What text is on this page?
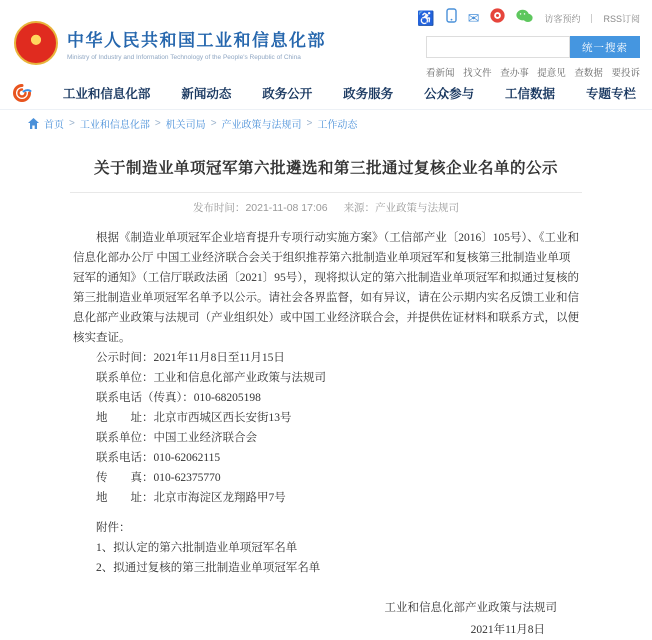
中华人民共和国工业和信息化部
Ministry of Industry and Information Technology of the People's Republic of China
♿ ✉	访客预约	RSS订阅
统一搜索
看新闻 找文件 查办事 提意见 查数据 要投诉
工业和信息化部 新闻动态 政务公开 政务服务 公众参与 工信数据 专题专栏
首页 > 工业和信息化部 > 机关司局 > 产业政策与法规司 > 工作动态
关于制造业单项冠军第六批遴选和第三批通过复核企业名单的公示
发布时间：2021-11-08 17:06 来源：产业政策与法规司

根据《制造业单项冠军企业培育提升专项行动实施方案》（工信部产业〔2016〕105号）、《工业和信息化部办公厅 中国工业经济联合会关于组织推荐第六批制造业单项冠军和复核第三批制造业单项冠军的通知》（工信厅联政法函〔2021〕95号），现将拟认定的第六批制造业单项冠军和拟通过复核的第三批制造业单项冠军名单予以公示。请社会各界监督，如有异议，请在公示期内实名反馈工业和信息化部产业政策与法规司（产业组织处）或中国工业经济联合会，并提供佐证材料和联系方式，以便核实查证。

公示时间：2021年11月8日至11月15日
联系单位：工业和信息化部产业政策与法规司
联系电话（传真）：010-68205198
地　　址：北京市西城区西长安街13号
联系单位：中国工业经济联合会
联系电话：010-62062115
传　　真：010-62375770
地　　址：北京市海淀区龙翔路甲7号
附件：
1、拟认定的第六批制造业单项冠军名单
2、拟通过复核的第三批制造业单项冠军名单
工业和信息化部产业政策与法规司
2021年11月8日
